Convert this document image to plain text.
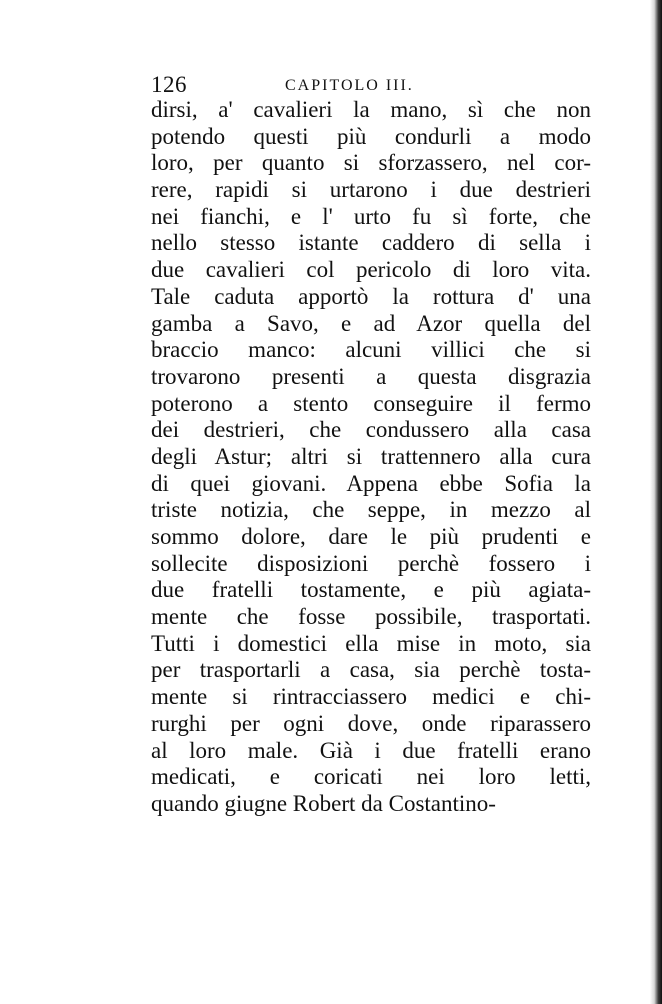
126	CAPITOLO III.
dirsi, a' cavalieri la mano, sì che non
potendo questi più condurli a modo
loro, per quanto si sforzassero, nel cor-
rere, rapidi si urtarono i due destrieri
nei fianchi, e l' urto fu sì forte, che
nello stesso istante caddero di sella i
due cavalieri col pericolo di loro vita.
Tale caduta apportò la rottura d' una
gamba a Savo, e ad Azor quella del
braccio manco: alcuni villici che si
trovarono presenti a questa disgrazia
poterono a stento conseguire il fermo
dei destrieri, che condussero alla casa
degli Astur; altri si trattennero alla cura
di quei giovani. Appena ebbe Sofia la
triste notizia, che seppe, in mezzo al
sommo dolore, dare le più prudenti e
sollecite disposizioni perchè fossero i
due fratelli tostamente, e più agiata-
mente che fosse possibile, trasportati.
Tutti i domestici ella mise in moto, sia
per trasportarli a casa, sia perchè tosta-
mente si rintracciassero medici e chi-
rurghi per ogni dove, onde riparassero
al loro male. Già i due fratelli erano
medicati, e coricati nei loro letti,
quando giugne Robert da Costantino-
